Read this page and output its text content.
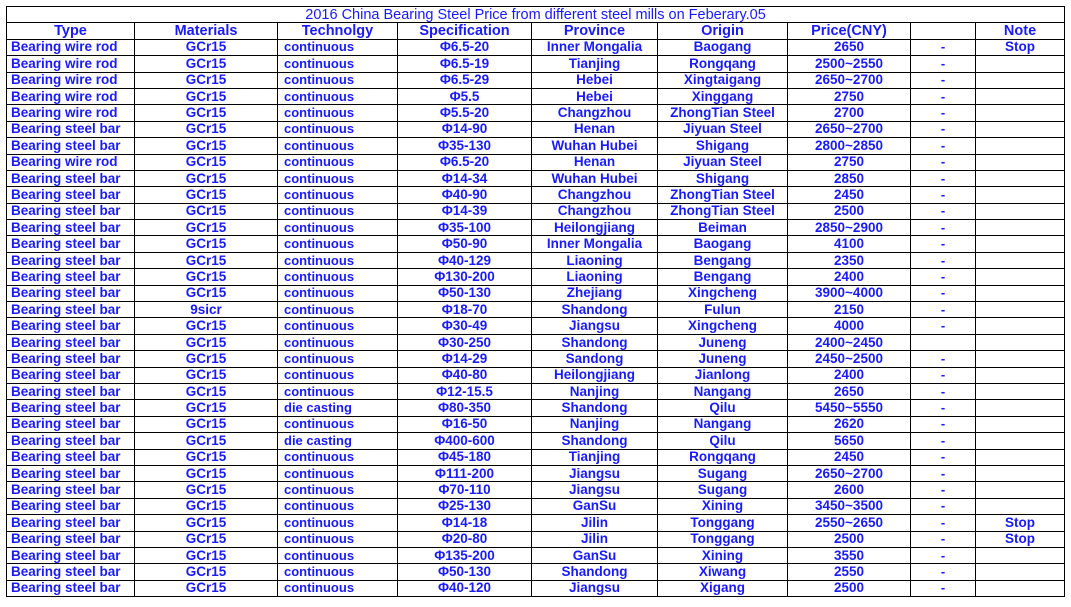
2016 China Bearing Steel Price from different steel mills on Feberary.05								
Type	Materials	Technolgy	Specification	Province	Origin	Price(CNY)		Note
Bearing wire rod	GCr15	continuous	Φ6.5-20	Inner Mongalia	Baogang	2650	-	Stop
Bearing wire rod	GCr15	continuous	Φ6.5-19	Tianjing	Rongqang	2500~2550	-	
Bearing wire rod	GCr15	continuous	Φ6.5-29	Hebei	Xingtaigang	2650~2700	-	
Bearing wire rod	GCr15	continuous	Φ5.5	Hebei	Xinggang	2750	-	
Bearing wire rod	GCr15	continuous	Φ5.5-20	Changzhou	ZhongTian Steel	2700	-	
Bearing steel bar	GCr15	continuous	Φ14-90	Henan	Jiyuan Steel	2650~2700	-	
Bearing steel bar	GCr15	continuous	Φ35-130	Wuhan Hubei	Shigang	2800~2850	-	
Bearing wire rod	GCr15	continuous	Φ6.5-20	Henan	Jiyuan Steel	2750	-	
Bearing steel bar	GCr15	continuous	Φ14-34	Wuhan Hubei	Shigang	2850	-	
Bearing steel bar	GCr15	continuous	Φ40-90	Changzhou	ZhongTian Steel	2450	-	
Bearing steel bar	GCr15	continuous	Φ14-39	Changzhou	ZhongTian Steel	2500	-	
Bearing steel bar	GCr15	continuous	Φ35-100	Heilongjiang	Beiman	2850~2900	-	
Bearing steel bar	GCr15	continuous	Φ50-90	Inner Mongalia	Baogang	4100	-	
Bearing steel bar	GCr15	continuous	Φ40-129	Liaoning	Bengang	2350	-	
Bearing steel bar	GCr15	continuous	Φ130-200	Liaoning	Bengang	2400	-	
Bearing steel bar	GCr15	continuous	Φ50-130	Zhejiang	Xingcheng	3900~4000	-	
Bearing steel bar	9sicr	continuous	Φ18-70	Shandong	Fulun	2150	-	
Bearing steel bar	GCr15	continuous	Φ30-49	Jiangsu	Xingcheng	4000	-	
Bearing steel bar	GCr15	continuous	Φ30-250	Shandong	Juneng	2400~2450		
Bearing steel bar	GCr15	continuous	Φ14-29	Sandong	Juneng	2450~2500	-	
Bearing steel bar	GCr15	continuous	Φ40-80	Heilongjiang	Jianlong	2400	-	
Bearing steel bar	GCr15	continuous	Φ12-15.5	Nanjing	Nangang	2650	-	
Bearing steel bar	GCr15	die casting	Φ80-350	Shandong	Qilu	5450~5550	-	
Bearing steel bar	GCr15	continuous	Φ16-50	Nanjing	Nangang	2620	-	
Bearing steel bar	GCr15	die casting	Φ400-600	Shandong	Qilu	5650	-	
Bearing steel bar	GCr15	continuous	Φ45-180	Tianjing	Rongqang	2450	-	
Bearing steel bar	GCr15	continuous	Φ111-200	Jiangsu	Sugang	2650~2700	-	
Bearing steel bar	GCr15	continuous	Φ70-110	Jiangsu	Sugang	2600	-	
Bearing steel bar	GCr15	continuous	Φ25-130	GanSu	Xining	3450~3500	-	
Bearing steel bar	GCr15	continuous	Φ14-18	Jilin	Tonggang	2550~2650	-	Stop
Bearing steel bar	GCr15	continuous	Φ20-80	Jilin	Tonggang	2500	-	Stop
Bearing steel bar	GCr15	continuous	Φ135-200	GanSu	Xining	3550	-	
Bearing steel bar	GCr15	continuous	Φ50-130	Shandong	Xiwang	2550	-	
Bearing steel bar	GCr15	continuous	Φ40-120	Jiangsu	Xigang	2500	-	
